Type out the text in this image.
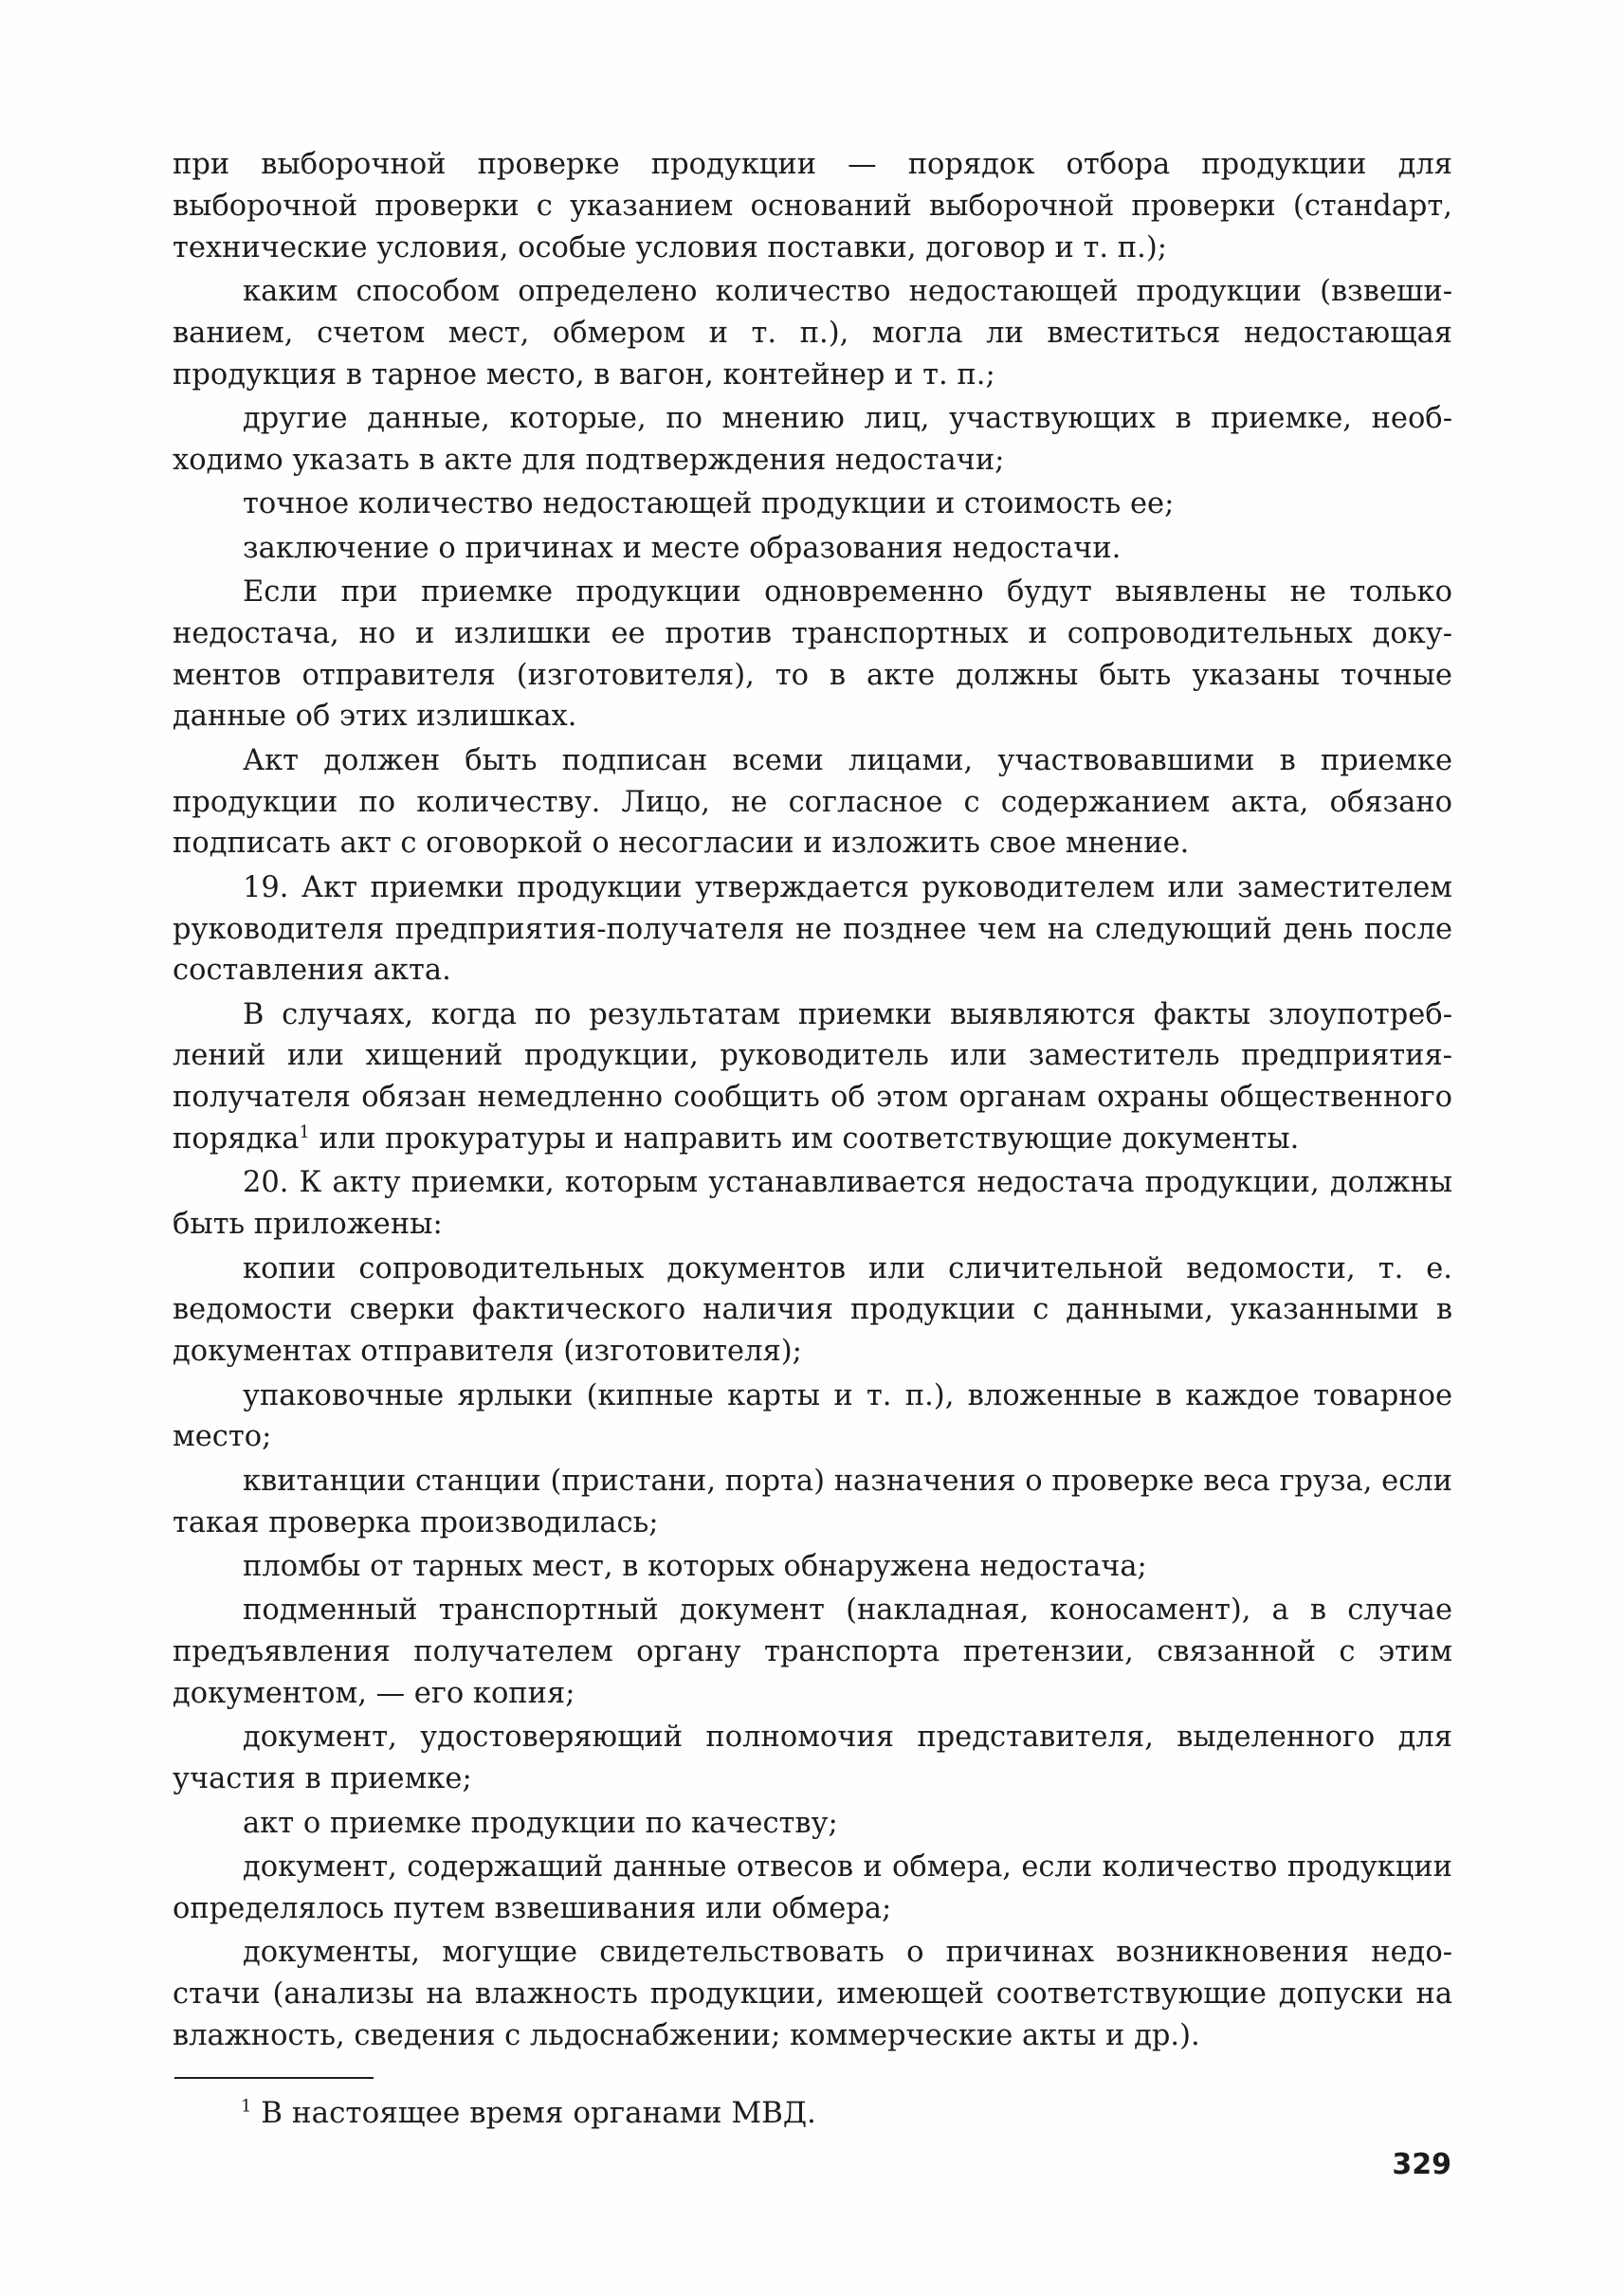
при выборочной проверке продукции — порядок отбора продукции для выборочной проверки с указанием оснований выборочной проверки (станdарт, технические условия, особые условия поставки, договор и т. п.);

каким способом определено количество недостающей продукции (взвешиванием, счетом мест, обмером и т. п.), могла ли вместиться недостающая продукция в тарное место, в вагон, контейнер и т. п.;

другие данные, которые, по мнению лиц, участвующих в приемке, необходимо указать в акте для подтверждения недостачи;

точное количество недостающей продукции и стоимость ее;

заключение о причинах и месте образования недостачи.

Если при приемке продукции одновременно будут выявлены не только недостача, но и излишки ее против транспортных и сопроводительных документов отправителя (изготовителя), то в акте должны быть указаны точные данные об этих излишках.

Акт должен быть подписан всеми лицами, участвовавшими в приемке продукции по количеству. Лицо, не согласное с содержанием акта, обязано подписать акт с оговоркой о несогласии и изложить свое мнение.

19. Акт приемки продукции утверждается руководителем или заместителем руководителя предприятия-получателя не позднее чем на следующий день после составления акта.

В случаях, когда по результатам приемки выявляются факты злоупотреблений или хищений продукции, руководитель или заместитель предприятия-получателя обязан немедленно сообщить об этом органам охраны общественного порядка$^1$ или прокуратуры и направить им соответствующие документы.

20. К акту приемки, которым устанавливается недостача продукции, должны быть приложены:

копии сопроводительных документов или сличительной ведомости, т. е. ведомости сверки фактического наличия продукции с данными, указанными в документах отправителя (изготовителя);

упаковочные ярлыки (кипные карты и т. п.), вложенные в каждое товарное место;

квитанции станции (пристани, порта) назначения о проверке веса груза, если такая проверка производилась;

пломбы от тарных мест, в которых обнаружена недостача;

подменный транспортный документ (накладная, коносамент), а в случае предъявления получателем органу транспорта претензии, связанной с этим документом, — его копия;

документ, удостоверяющий полномочия представителя, выделенного для участия в приемке;

акт о приемке продукции по качеству;

документ, содержащий данные отвесов и обмера, если количество продукции определялось путем взвешивания или обмера;

документы, могущие свидетельствовать о причинах возникновения недостачи (анализы на влажность продукции, имеющей соответствующие допуски на влажность, сведения с льдоснабжении; коммерческие акты и др.).

$^1$ В настоящее время органами МВД.
329
